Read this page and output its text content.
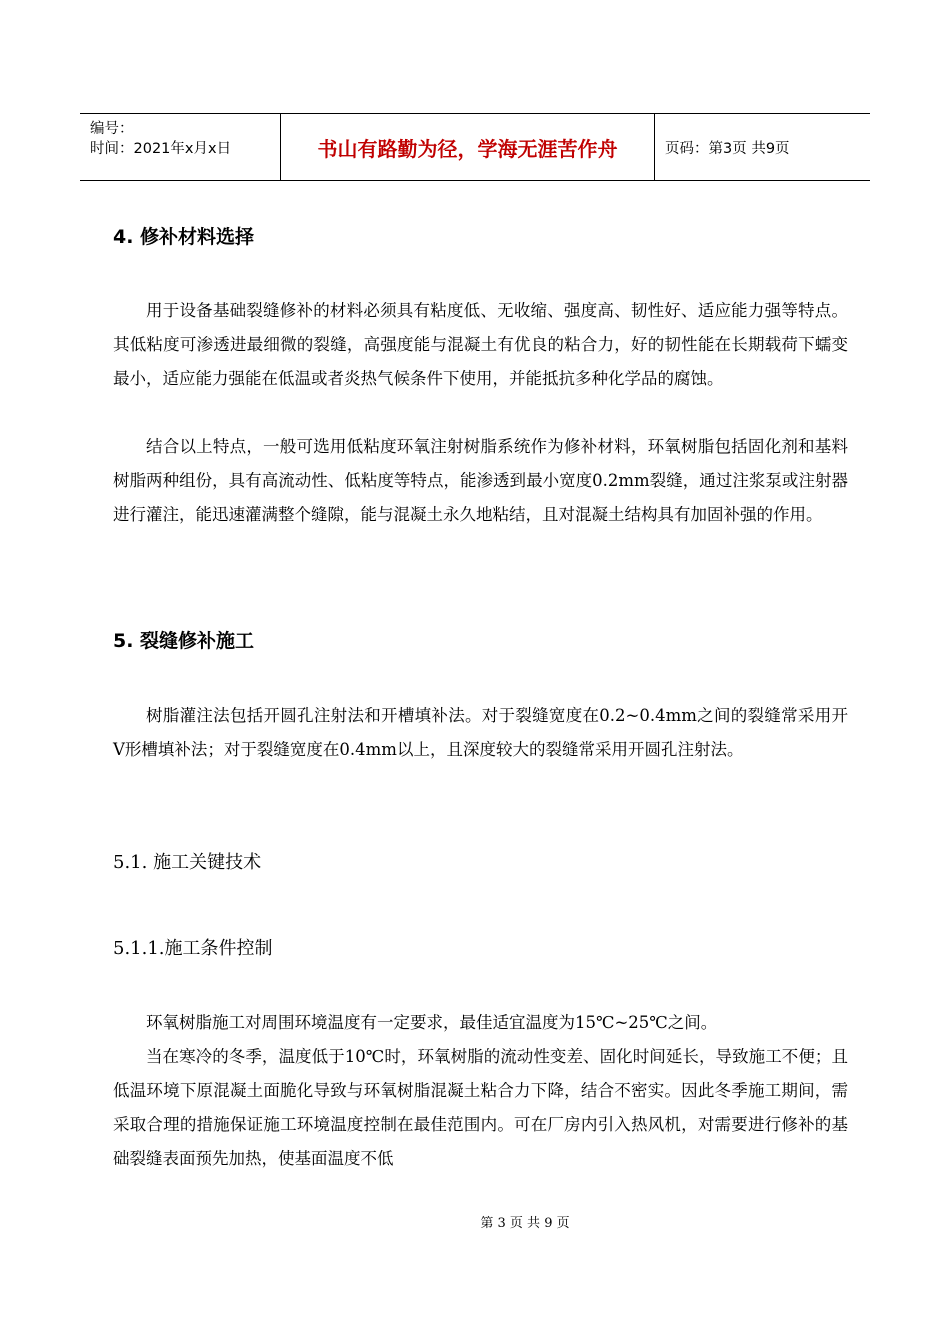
编号：
时间：2021年x月x日	书山有路勤为径，学海无涯苦作舟	页码：第3页 共9页
4. 修补材料选择
用于设备基础裂缝修补的材料必须具有粘度低、无收缩、强度高、韧性好、适应能力强等特点。其低粘度可渗透进最细微的裂缝，高强度能与混凝土有优良的粘合力，好的韧性能在长期载荷下蠕变最小，适应能力强能在低温或者炎热气候条件下使用，并能抵抗多种化学品的腐蚀。
结合以上特点，一般可选用低粘度环氧注射树脂系统作为修补材料，环氧树脂包括固化剂和基料树脂两种组份，具有高流动性、低粘度等特点，能渗透到最小宽度0.2mm裂缝，通过注浆泵或注射器进行灌注，能迅速灌满整个缝隙，能与混凝土永久地粘结，且对混凝土结构具有加固补强的作用。
5. 裂缝修补施工
树脂灌注法包括开圆孔注射法和开槽填补法。对于裂缝宽度在0.2~0.4mm之间的裂缝常采用开V形槽填补法；对于裂缝宽度在0.4mm以上，且深度较大的裂缝常采用开圆孔注射法。
5.1. 施工关键技术
5.1.1.施工条件控制
环氧树脂施工对周围环境温度有一定要求，最佳适宜温度为15℃~25℃之间。
当在寒冷的冬季，温度低于10℃时，环氧树脂的流动性变差、固化时间延长，导致施工不便；且低温环境下原混凝土面脆化导致与环氧树脂混凝土粘合力下降，结合不密实。因此冬季施工期间，需采取合理的措施保证施工环境温度控制在最佳范围内。可在厂房内引入热风机，对需要进行修补的基础裂缝表面预先加热，使基面温度不低
第 3 页 共 9 页
